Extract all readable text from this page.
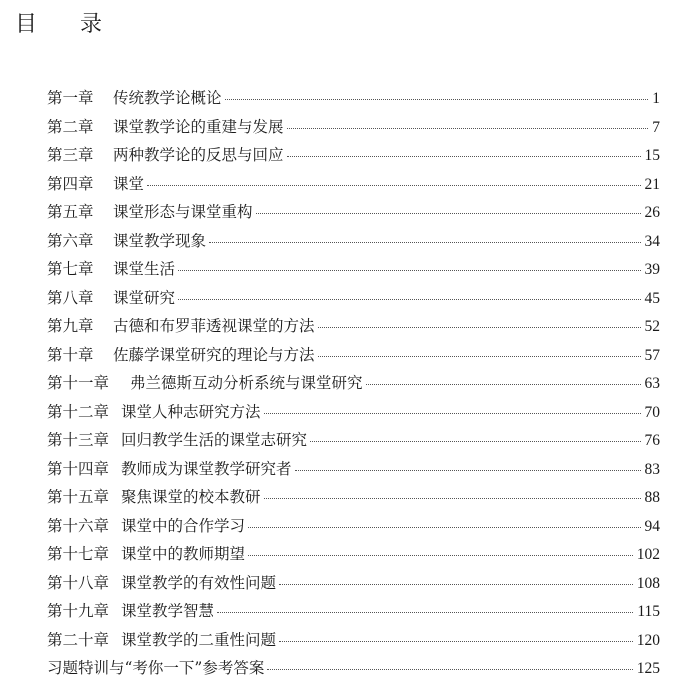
目 录
第一章	传统教学论概论	1
第二章	课堂教学论的重建与发展	7
第三章	两种教学论的反思与回应	15
第四章	课堂	21
第五章	课堂形态与课堂重构	26
第六章	课堂教学现象	34
第七章	课堂生活	39
第八章	课堂研究	45
第九章	古德和布罗菲透视课堂的方法	52
第十章	佐藤学课堂研究的理论与方法	57
第十一章	弗兰德斯互动分析系统与课堂研究	63
第十二章 课堂人种志研究方法	70
第十三章 回归教学生活的课堂志研究	76
第十四章 教师成为课堂教学研究者	83
第十五章 聚焦课堂的校本教研	88
第十六章 课堂中的合作学习	94
第十七章 课堂中的教师期望	102
第十八章 课堂教学的有效性问题	108
第十九章 课堂教学智慧	115
第二十章 课堂教学的二重性问题	120
习题特训与“考你一下”参考答案	125
